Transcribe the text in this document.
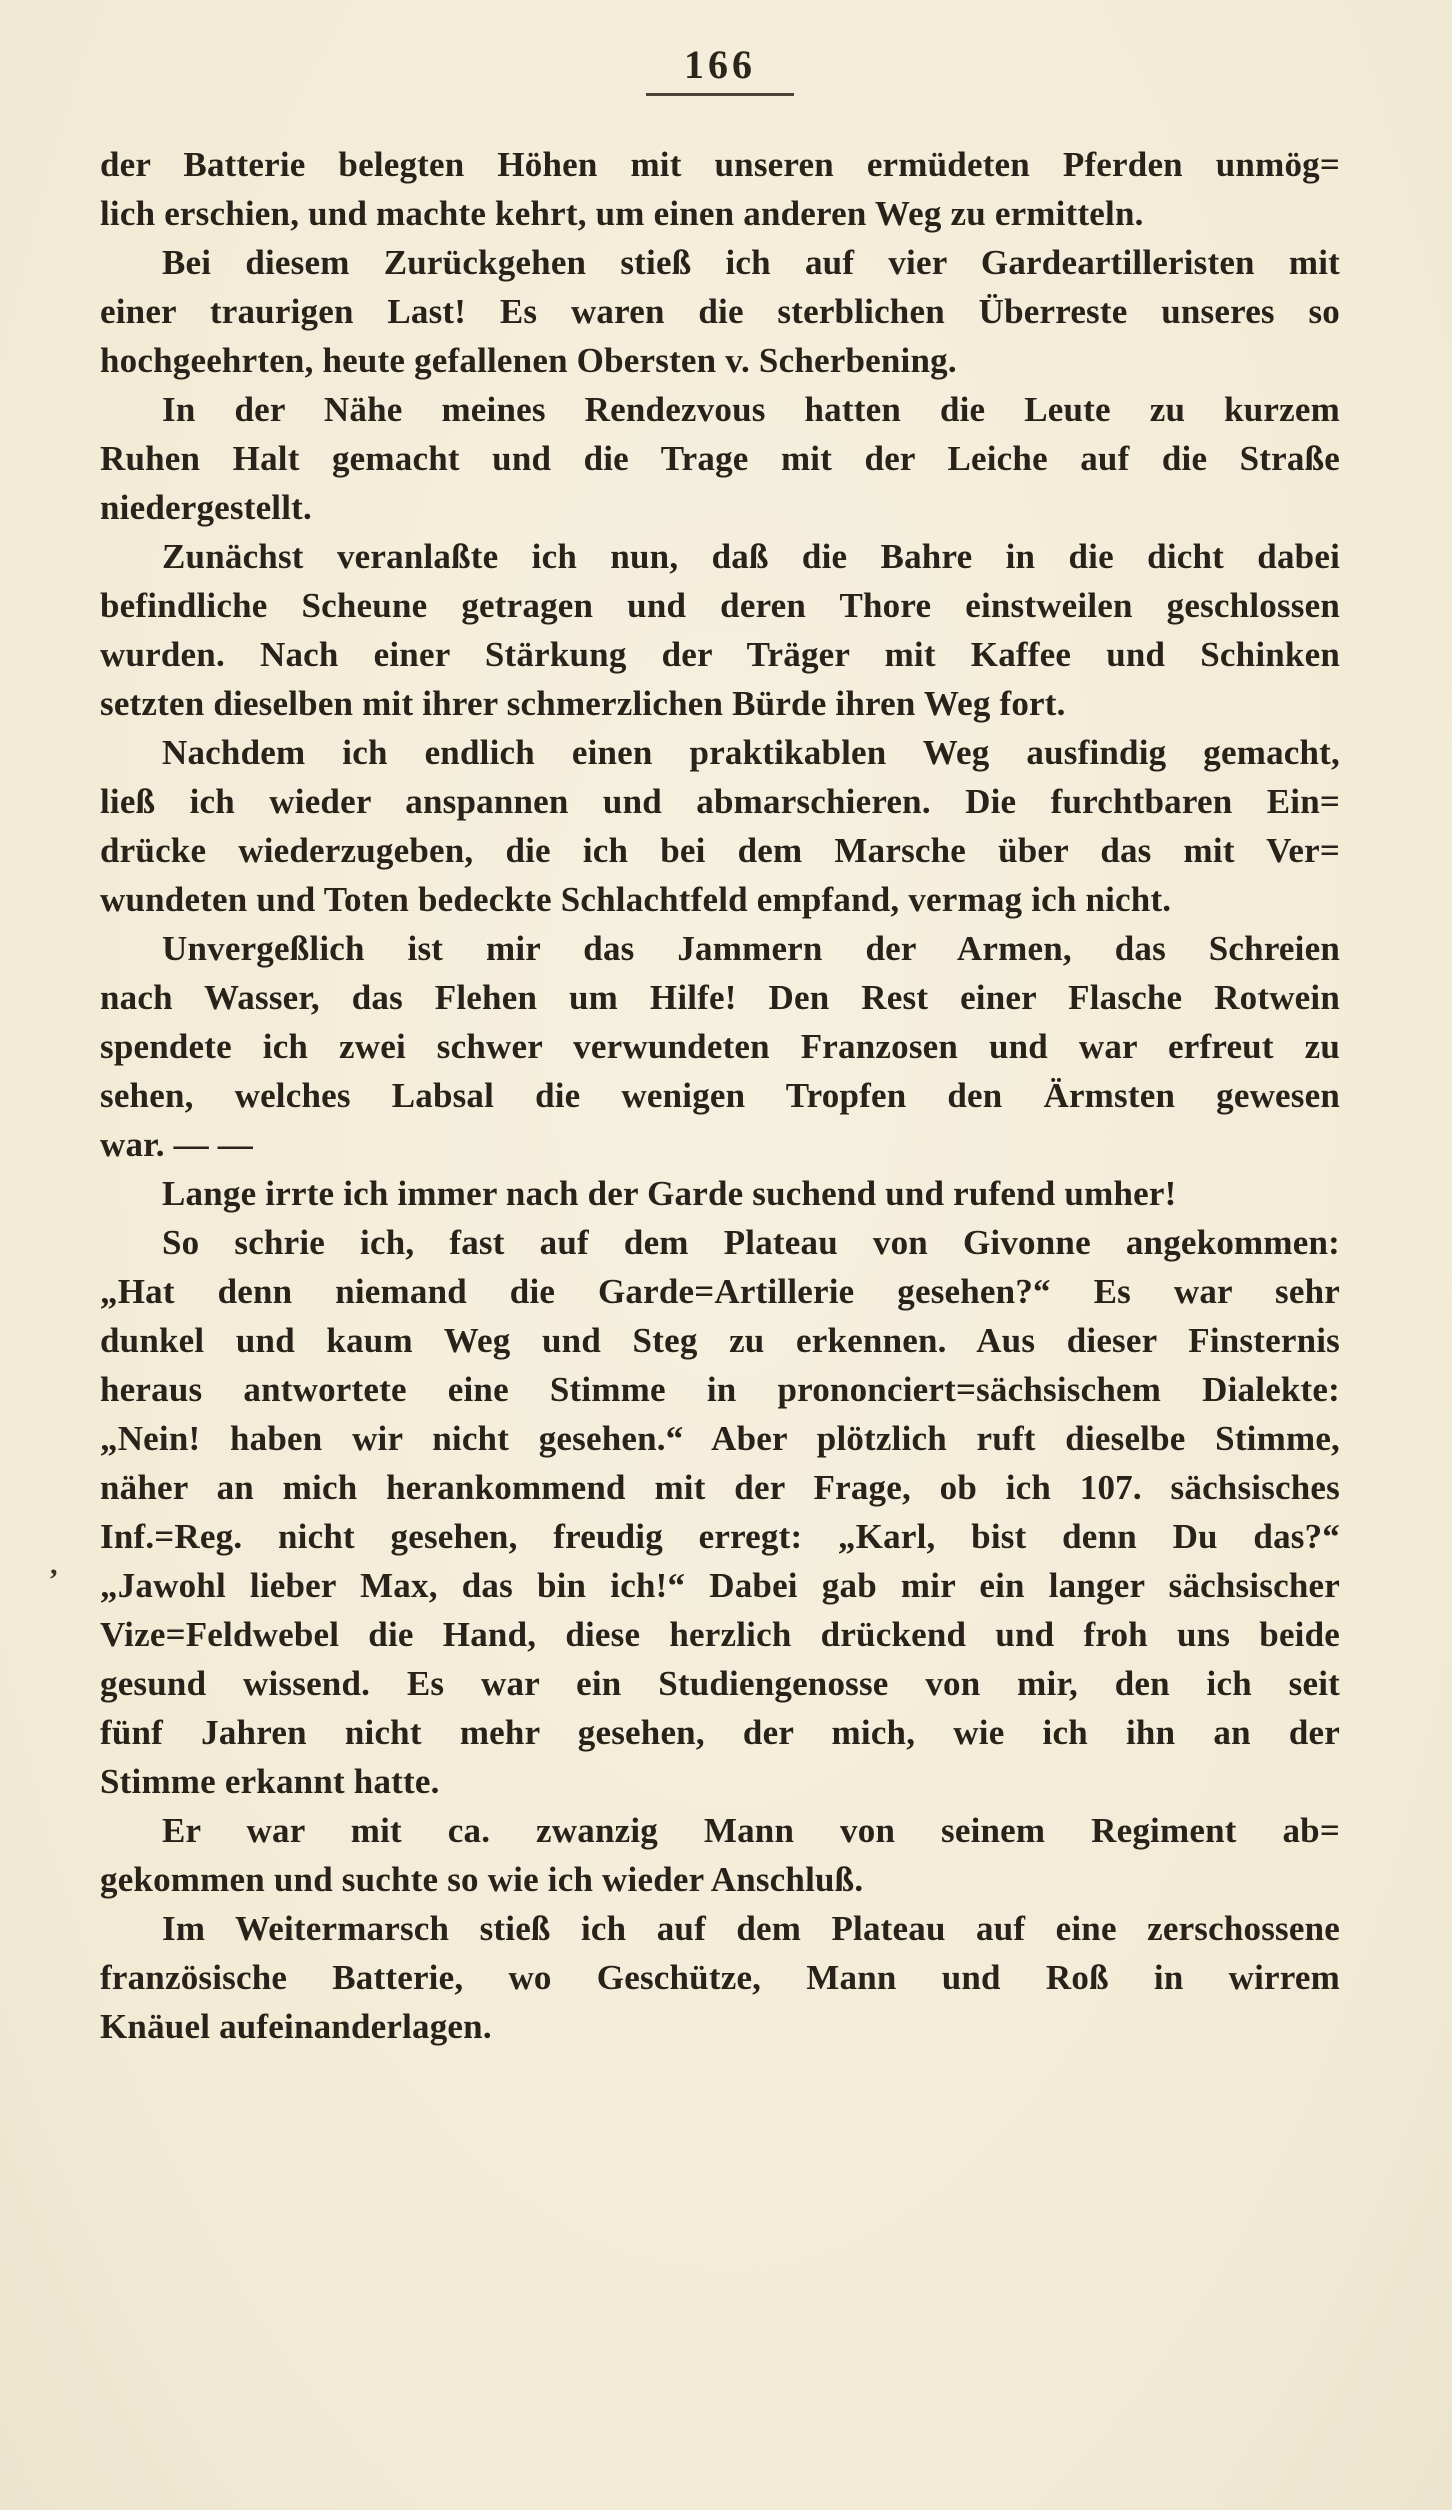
166
der Batterie belegten Höhen mit unseren ermüdeten Pferden unmög=
lich erschien, und machte kehrt, um einen anderen Weg zu ermitteln.
Bei diesem Zurückgehen stieß ich auf vier Gardeartilleristen mit
einer traurigen Last! Es waren die sterblichen Überreste unseres so
hochgeehrten, heute gefallenen Obersten v. Scherbening.
In der Nähe meines Rendezvous hatten die Leute zu kurzem
Ruhen Halt gemacht und die Trage mit der Leiche auf die Straße
niedergestellt.
Zunächst veranlaßte ich nun, daß die Bahre in die dicht dabei
befindliche Scheune getragen und deren Thore einstweilen geschlossen
wurden. Nach einer Stärkung der Träger mit Kaffee und Schinken
setzten dieselben mit ihrer schmerzlichen Bürde ihren Weg fort.
Nachdem ich endlich einen praktikablen Weg ausfindig gemacht,
ließ ich wieder anspannen und abmarschieren. Die furchtbaren Ein=
drücke wiederzugeben, die ich bei dem Marsche über das mit Ver=
wundeten und Toten bedeckte Schlachtfeld empfand, vermag ich nicht.
Unvergeßlich ist mir das Jammern der Armen, das Schreien
nach Wasser, das Flehen um Hilfe! Den Rest einer Flasche Rotwein
spendete ich zwei schwer verwundeten Franzosen und war erfreut zu
sehen, welches Labsal die wenigen Tropfen den Ärmsten gewesen
war. — —
Lange irrte ich immer nach der Garde suchend und rufend umher!
So schrie ich, fast auf dem Plateau von Givonne angekommen:
„Hat denn niemand die Garde=Artillerie gesehen?“ Es war sehr
dunkel und kaum Weg und Steg zu erkennen. Aus dieser Finsternis
heraus antwortete eine Stimme in prononciert=sächsischem Dialekte:
„Nein! haben wir nicht gesehen.“ Aber plötzlich ruft dieselbe Stimme,
näher an mich herankommend mit der Frage, ob ich 107. sächsisches
Inf.=Reg. nicht gesehen, freudig erregt: „Karl, bist denn Du das?“
„Jawohl lieber Max, das bin ich!“ Dabei gab mir ein langer sächsischer
Vize=Feldwebel die Hand, diese herzlich drückend und froh uns beide
gesund wissend. Es war ein Studiengenosse von mir, den ich seit
fünf Jahren nicht mehr gesehen, der mich, wie ich ihn an der
Stimme erkannt hatte.
Er war mit ca. zwanzig Mann von seinem Regiment ab=
gekommen und suchte so wie ich wieder Anschluß.
Im Weitermarsch stieß ich auf dem Plateau auf eine zerschossene
französische Batterie, wo Geschütze, Mann und Roß in wirrem
Knäuel aufeinanderlagen.
,
